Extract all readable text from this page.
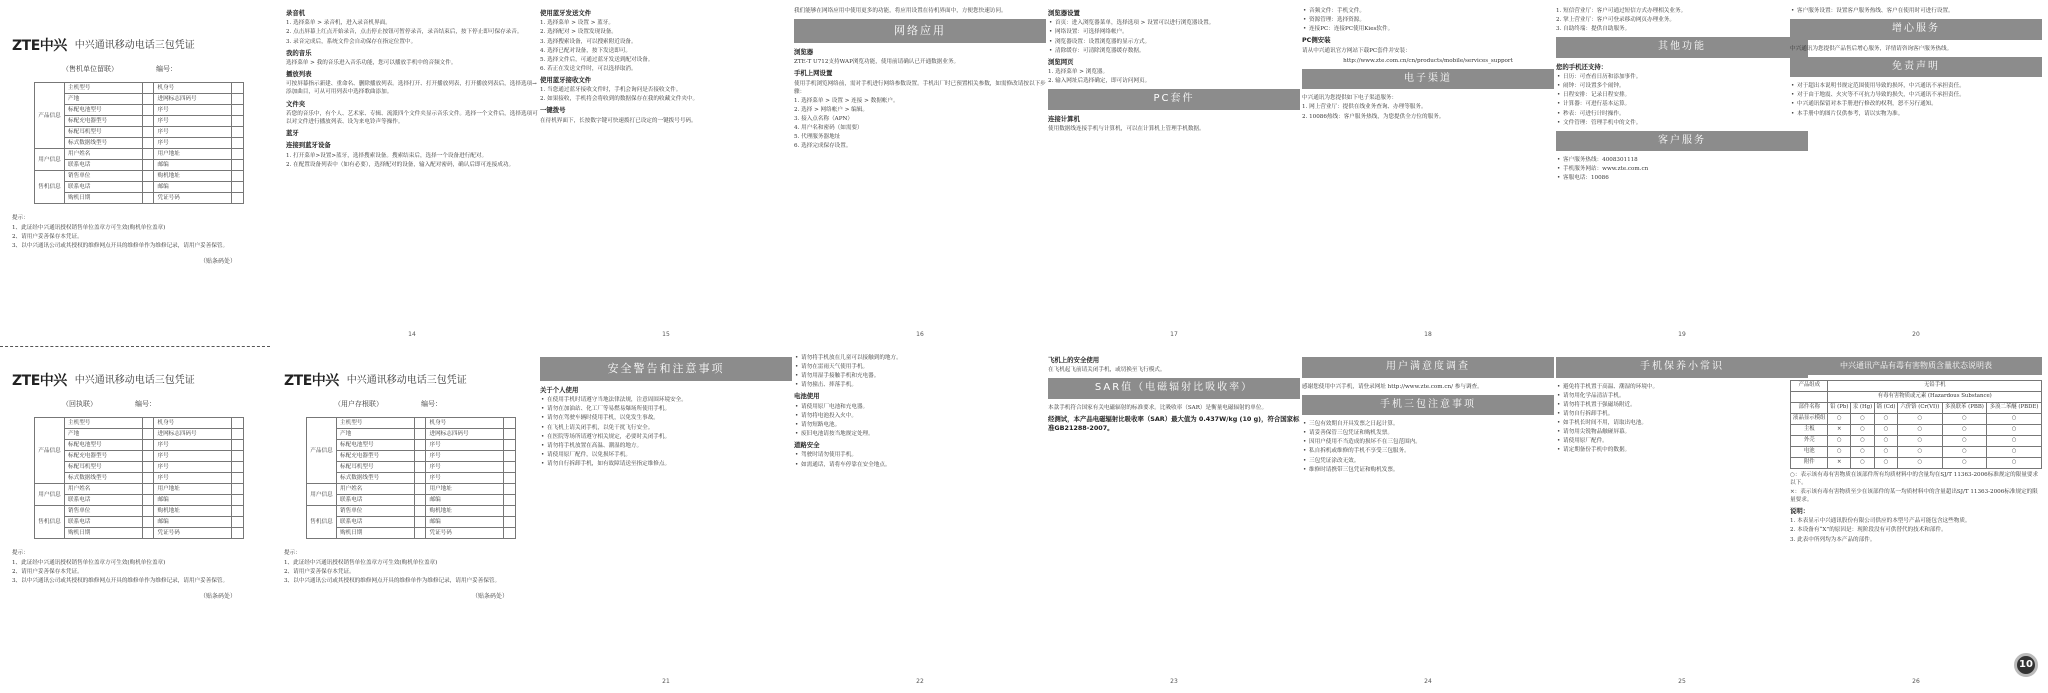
ZTE中兴 中兴通讯移动电话三包凭证
（售机单位留联）	编号：
产品信息	主机型号		机身号	
	产地		进网标志四码号	
	标配电池型号		序号	
	标配充电器型号		序号	
	标配耳机型号		序号	
	标式数据线型号		序号	
用户信息	用户姓名		用户地址	
	联系电话		邮编	
售机信息	销售单位		购机地址	
	联系电话		邮编	
	购机日期		凭证号码	

提示：

1、此证经中兴通讯授权销售单位盖章方可生效(购机单位盖章)

2、请用户妥善保存本凭证。

3、以中兴通讯公司或其授权的维修网点开具的维修单作为维修记录，请用户妥善保管。

（贴条码处）
录音机

1. 选择菜单 > 录音机，进入录音机界面。

2. 点击屏幕上红点开始录音，点击停止按钮可暂停录音，录音结束后，按下停止即可保存录音。

3. 录音完成后，系统文件会自动保存在指定位置中。

我的音乐

选择菜单 > 我的音乐进入音乐功能，您可以播放手机中的音频文件。

播放列表

可按屏幕指示新建、重命名、删除播放列表。选择打开、打开播放列表，打开播放列表后，选择选项→添加曲目，可从可用列表中选择歌曲添加。

文件夹

若您的音乐中，有个人、艺术家、专辑、流派四个文件夹显示音乐文件。选择一个文件后，选择选项可以对文件进行播放列表、设为来电铃声等操作。

蓝牙
连接到蓝牙设备

1. 打开菜单>设置>蓝牙，选择搜索设备。搜索结束后，选择一个设备进行配对。

2. 在配置设备列表中（如有必要），选择配对的设备，输入配对密码，确认后即可连接成功。

14
使用蓝牙发送文件

1. 选择菜单 > 设置 > 蓝牙。

2. 选择配对 > 设置发现设备。

3. 选择搜索设备，可以搜索附近设备。

4. 选择已配对设备，按下发送即可。

5. 选择文件后，可通过蓝牙发送到配对设备。

6. 若正在发送文件时，可以选择取消。

使用蓝牙接收文件

1. 当您通过蓝牙接收文件时，手机会询问是否接收文件。

2. 如果接收，手机将会将收到的数据保存在我的收藏文件夹中。

一键拨号

在待机界面下，长按数字键可快速拨打已设定的一键拨号号码。

15

我们能够在网络应用中使用更多的功能，将应用设置在待机界面中，方便您快速访问。

网络应用
浏览器

ZTE-T U712支持WAP浏览功能，使用前请确认已开通数据业务。

手机上网设置

使用手机浏览网络前，需对手机进行网络参数设置。手机出厂时已预置相关参数，如需修改请按以下步骤：

1. 选择菜单 > 设置 > 连接 > 数据帐户。

2. 选择 > 网络帐户 > 编辑。

3. 接入点名称（APN）

4. 用户名和密码（如需要）

5. 代理服务器地址

6. 选择完成保存设置。

16
浏览器设置
• 首页：进入浏览器菜单，选择选项 > 设置可以进行浏览器设置。
• 网络设置：可选择网络帐户。
• 浏览器设置：设置浏览器的显示方式。
• 清除缓存：可清除浏览器缓存数据。
浏览网页

1. 选择菜单 > 浏览器。

2. 输入网址后选择确定，即可访问网页。

PC套件
连接计算机

使用数据线连接手机与计算机，可以在计算机上管理手机数据。

17
• 音频文件：手机文件。
• 资源管理：选择资源。
• 连接PC：连接PC使用Kies软件。
PC侧安装

请从中兴通讯官方网站下载PC套件并安装：

http://www.zte.com.cn/cn/products/mobile/services_support

电子渠道

中兴通讯为您提供如下电子渠道服务：

1. 网上营业厅：提供在线业务查询、办理等服务。

2. 10086热线：客户服务热线，为您提供全方位的服务。

18

1. 短信营业厅：客户可通过短信方式办理相关业务。

2. 掌上营业厅：客户可登录移动网页办理业务。

3. 自助终端：提供自助服务。

其他功能
您的手机还支持：
• 日历：可查看日历和添加事件。
• 闹钟：可设置多个闹钟。
• 日程安排：记录日程安排。
• 计算器：可进行基本运算。
• 秒表：可进行计时操作。
• 文件管理：管理手机中的文件。
客户服务
• 客户服务热线：4008301118
• 手机服务网站：www.zte.com.cn
• 客服电话：10086
19
• 客户服务设置：设置客户服务热线、客户在使用时可进行设置。
增心服务

中兴通讯为您提供产品售后增心服务，详情请咨询客户服务热线。

免责声明
• 对于超出本说明书规定范围使用导致的损坏，中兴通讯不承担责任。
• 对于由于地震、火灾等不可抗力导致的损失，中兴通讯不承担责任。
• 中兴通讯保留对本手册进行修改的权利，恕不另行通知。
• 本手册中的图片仅供参考，请以实物为准。
20
ZTE中兴 中兴通讯移动电话三包凭证
（回执联）	编号：
产品信息	主机型号		机身号	
	产地		进网标志四码号	
	标配电池型号		序号	
	标配充电器型号		序号	
	标配耳机型号		序号	
	标式数据线型号		序号	
用户信息	用户姓名		用户地址	
	联系电话		邮编	
售机信息	销售单位		购机地址	
	联系电话		邮编	
	购机日期		凭证号码	

提示：

1、此证经中兴通讯授权销售单位盖章方可生效(购机单位盖章)

2、请用户妥善保存本凭证。

3、以中兴通讯公司或其授权的维修网点开具的维修单作为维修记录，请用户妥善保管。

（贴条码处）
ZTE中兴 中兴通讯移动电话三包凭证
（用户存根联）	编号：
产品信息	主机型号		机身号	
	产地		进网标志四码号	
	标配电池型号		序号	
	标配充电器型号		序号	
	标配耳机型号		序号	
	标式数据线型号		序号	
用户信息	用户姓名		用户地址	
	联系电话		邮编	
售机信息	销售单位		购机地址	
	联系电话		邮编	
	购机日期		凭证号码	

提示：

1、此证经中兴通讯授权销售单位盖章方可生效(购机单位盖章)

2、请用户妥善保存本凭证。

3、以中兴通讯公司或其授权的维修网点开具的维修单作为维修记录，请用户妥善保管。

（贴条码处）
安全警告和注意事项
关于个人使用
• 在使用手机时请遵守当地法律法规，注意周围环境安全。
• 请勿在加油站、化工厂等易燃易爆场所使用手机。
• 请勿在驾驶车辆时使用手机，以免发生事故。
• 在飞机上请关闭手机，以免干扰飞行安全。
• 在医院等场所请遵守相关规定，必要时关闭手机。
• 请勿将手机放置在高温、潮湿的地方。
• 请使用原厂配件，以免损坏手机。
• 请勿自行拆卸手机，如有故障请送至指定维修点。
21
• 请勿将手机放在儿童可以接触到的地方。
• 请勿在雷雨天气使用手机。
• 请勿用湿手接触手机和充电器。
• 请勿撞击、摔落手机。
电池使用
• 请使用原厂电池和充电器。
• 请勿将电池投入火中。
• 请勿短路电池。
• 废旧电池请按当地规定处理。
道路安全
• 驾驶时请勿使用手机。
• 如需通话，请将车停靠在安全地点。
22
飞机上的安全使用

在飞机起飞前请关闭手机，或切换至飞行模式。

SAR值（电磁辐射比吸收率）

本款手机符合国家有关电磁辐射的标准要求。比吸收率（SAR）是衡量电磁辐射的单位。

经测试，本产品电磁辐射比吸收率（SAR）最大值为 0.437W/kg (10 g)，符合国家标准GB21288-2007。

23
用户满意度调查

感谢您使用中兴手机，请登录网址 http://www.zte.com.cn/ 参与调查。

手机三包注意事项
• 三包有效期自开具发票之日起计算。
• 请妥善保管三包凭证和购机发票。
• 因用户使用不当造成的损坏不在三包范围内。
• 私自拆机或维修的手机不享受三包服务。
• 三包凭证涂改无效。
• 维修时请携带三包凭证和购机发票。
24
手机保养小常识
• 避免将手机置于高温、潮湿的环境中。
• 请勿用化学品清洁手机。
• 请勿将手机置于强磁场附近。
• 请勿自行拆卸手机。
• 如手机长时间不用，请取出电池。
• 请勿用尖锐物品触碰屏幕。
• 请使用原厂配件。
• 请定期备份手机中的数据。
25
中兴通讯产品有毒有害物质含量状态说明表
产品组成	无铅手机					
	有毒有害物质或元素 (Hazardous Substance)					
部件名称	铅 (Pb)	汞 (Hg)	镉 (Cd)	六价铬 (Cr(VI))	多溴联苯 (PBB)	多溴二苯醚 (PBDE)
液晶显示模组	○	○	○	○	○	○
主板	×	○	○	○	○	○
外壳	○	○	○	○	○	○
电池	○	○	○	○	○	○
附件	×	○	○	○	○	○

○：表示该有毒有害物质在该部件所有均质材料中的含量均在SJ/T 11363-2006标准规定的限量要求以下。

×：表示该有毒有害物质至少在该部件的某一均质材料中的含量超出SJ/T 11363-2006标准规定的限量要求。

说明：

1. 本表显示中兴通讯股份有限公司供应的本型号产品可能包含这些物质。

2. 本设备有“X”的原因是：现阶段没有可供替代的技术和部件。

3. 此表中所列均为本产品的部件。

10
26
